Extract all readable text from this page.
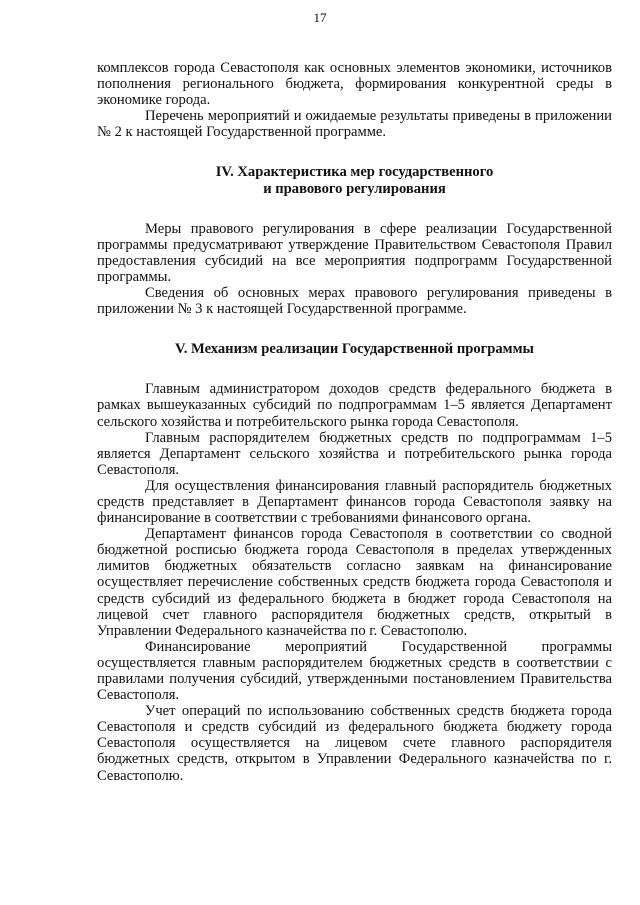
17

комплексов города Севастополя как основных элементов экономики, источников пополнения регионального бюджета, формирования конкурентной среды в экономике города.

Перечень мероприятий и ожидаемые результаты приведены в приложении № 2 к настоящей Государственной программе.

IV. Характеристика мер государственного
и правового регулирования

Меры правового регулирования в сфере реализации Государственной программы предусматривают утверждение Правительством Севастополя Правил предоставления субсидий на все мероприятия подпрограмм Государственной программы.

Сведения об основных мерах правового регулирования приведены в приложении № 3 к настоящей Государственной программе.

V. Механизм реализации Государственной программы

Главным администратором доходов средств федерального бюджета в рамках вышеуказанных субсидий по подпрограммам 1–5 является Департамент сельского хозяйства и потребительского рынка города Севастополя.

Главным распорядителем бюджетных средств по подпрограммам 1–5 является Департамент сельского хозяйства и потребительского рынка города Севастополя.

Для осуществления финансирования главный распорядитель бюджетных средств представляет в Департамент финансов города Севастополя заявку на финансирование в соответствии с требованиями финансового органа.

Департамент финансов города Севастополя в соответствии со сводной бюджетной росписью бюджета города Севастополя в пределах утвержденных лимитов бюджетных обязательств согласно заявкам на финансирование осуществляет перечисление собственных средств бюджета города Севастополя и средств субсидий из федерального бюджета в бюджет города Севастополя на лицевой счет главного распорядителя бюджетных средств, открытый в Управлении Федерального казначейства по г. Севастополю.

Финансирование мероприятий Государственной программы осуществляется главным распорядителем бюджетных средств в соответствии с правилами получения субсидий, утвержденными постановлением Правительства Севастополя.

Учет операций по использованию собственных средств бюджета города Севастополя и средств субсидий из федерального бюджета бюджету города Севастополя осуществляется на лицевом счете главного распорядителя бюджетных средств, открытом в Управлении Федерального казначейства по г. Севастополю.
